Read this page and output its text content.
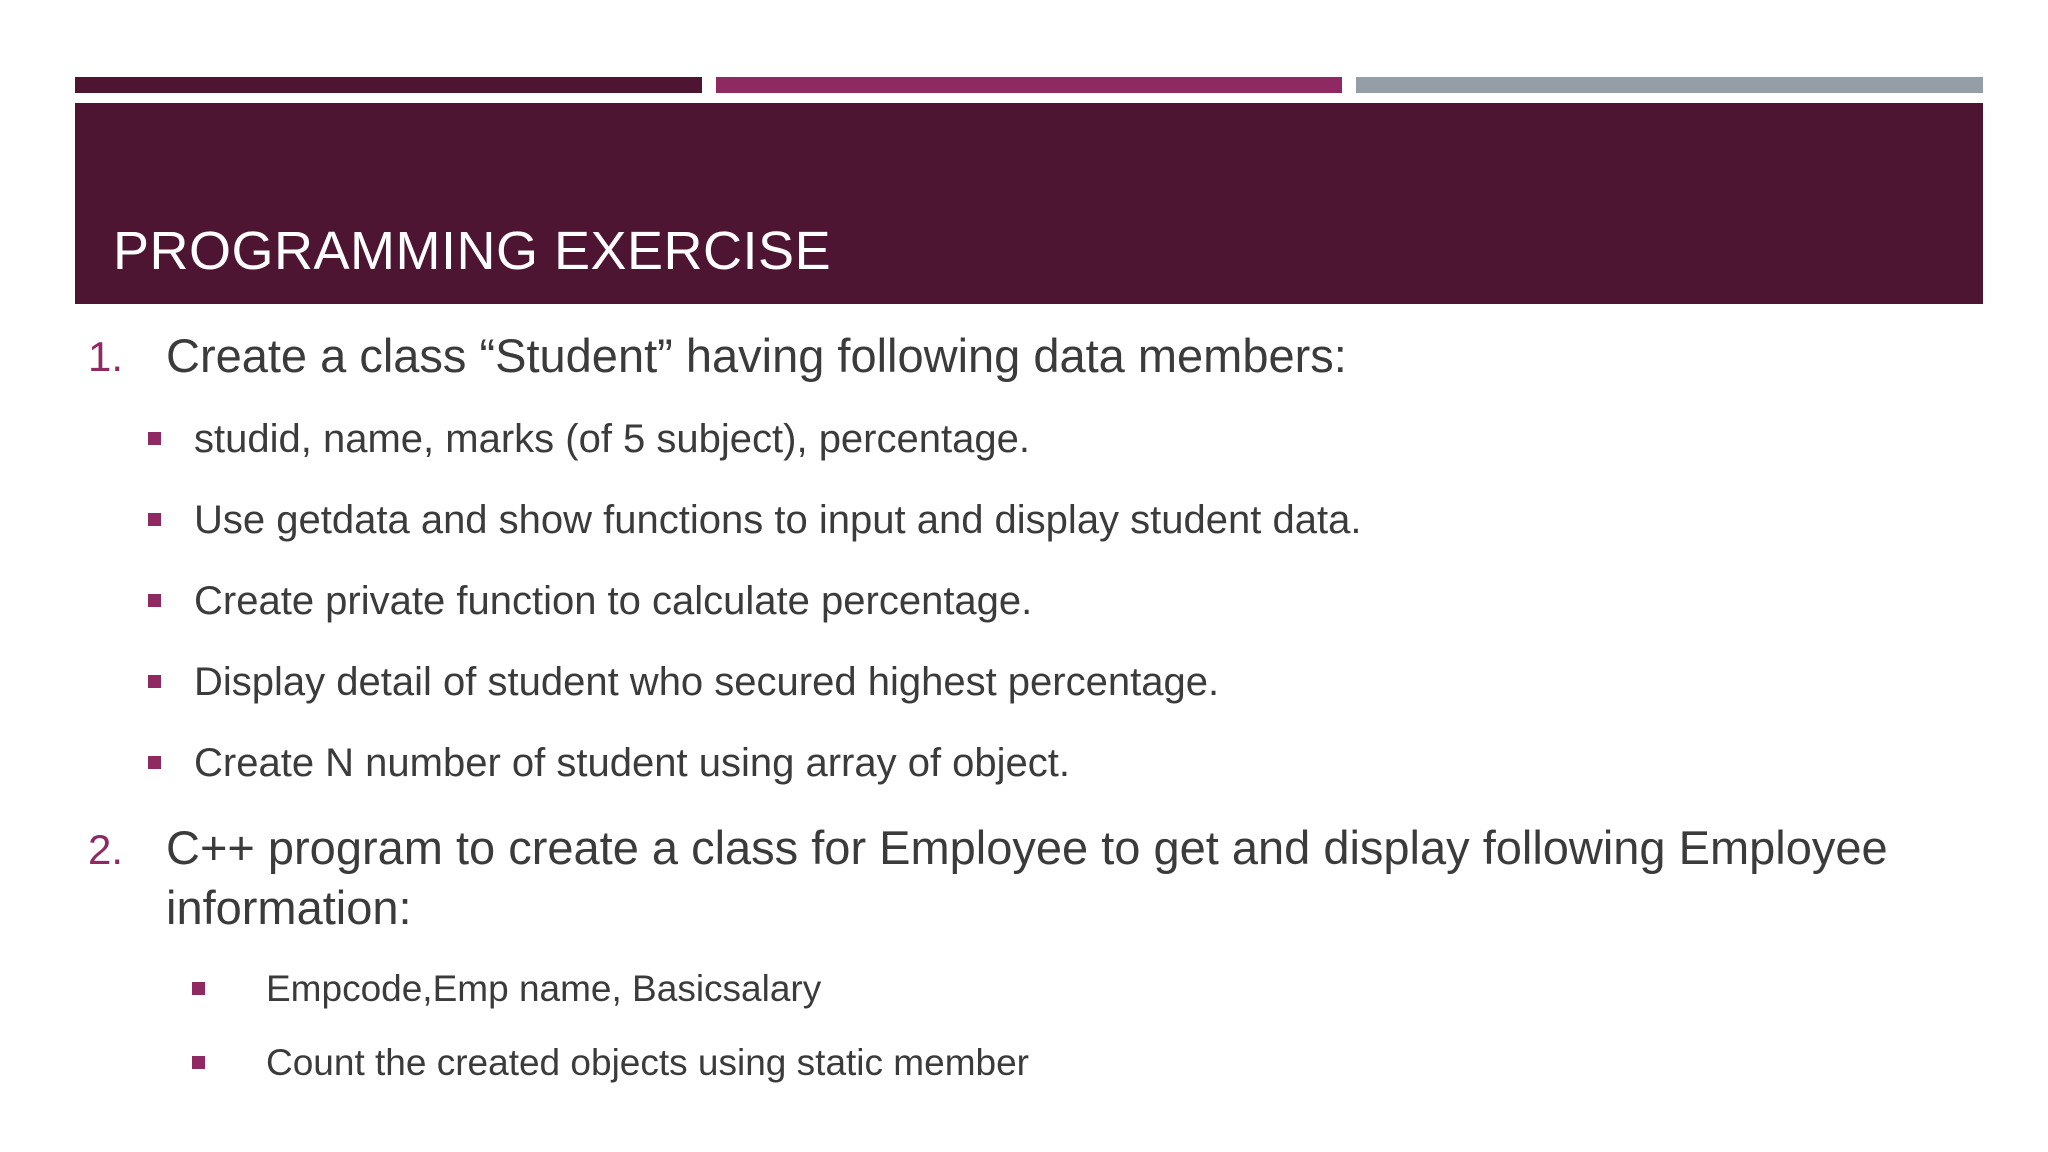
PROGRAMMING EXERCISE
1. Create a class “Student” having following data members:
studid, name, marks (of 5 subject), percentage.
Use getdata and show functions to input and display student data.
Create private function to calculate percentage.
Display detail of student who secured highest percentage.
Create N number of student using array of object.
2. C++ program to create a class for Employee to get and display following Employee
information:
Empcode,Emp name, Basicsalary
Count the created objects using static member
